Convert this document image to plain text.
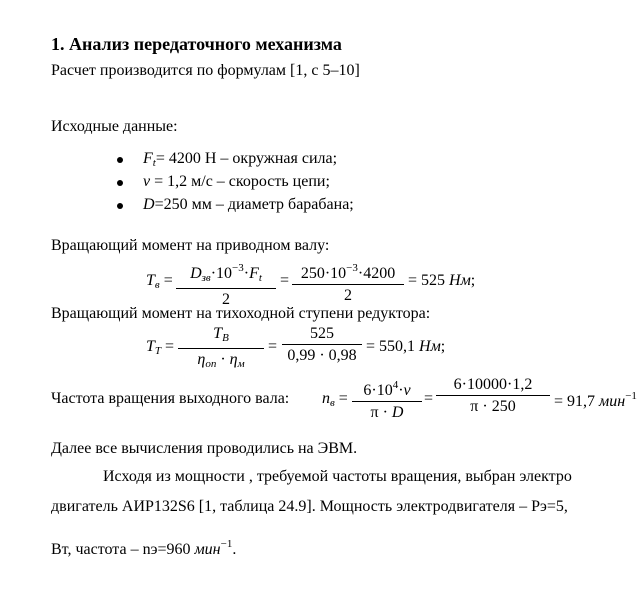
1. Анализ передаточного механизма
Расчет производится по формулам [1, с 5–10]
Исходные данные:
$F_t= 4200$ Н – окружная сила;
v = 1,2 м/с – скорость цепи;
D=250 мм – диаметр барабана;
Вращающий момент на приводном валу:
$T_в$ =	$D_{зв}\cdot 10^{-3}\cdot F_t$
2
= $250\cdot 10^{-3}\cdot 4200$
2
= 525 Нм;
Вращающий момент на тихоходной ступени редуктора:
$T_T$ =
$T_B$
$\eta_{оп} \cdot \eta_м$
=
525
0,99 · 0,98
= 550,1 Нм;
Частота вращения выходного вала: $n_в = 6\cdot 10^4\cdot v$
π · D
=
6·10000·1,2
π · 250	= 91,7 мин$^{-1}$
Далее все вычисления проводились на ЭВМ.
Исходя из мощности , требуемой частоты вращения, выбран электро
двигатель АИР132S6 [1, таблица 24.9]. Мощность электродвигателя – Pэ=5,
Вт, частота – nэ=960 мин$^{-1}$.
